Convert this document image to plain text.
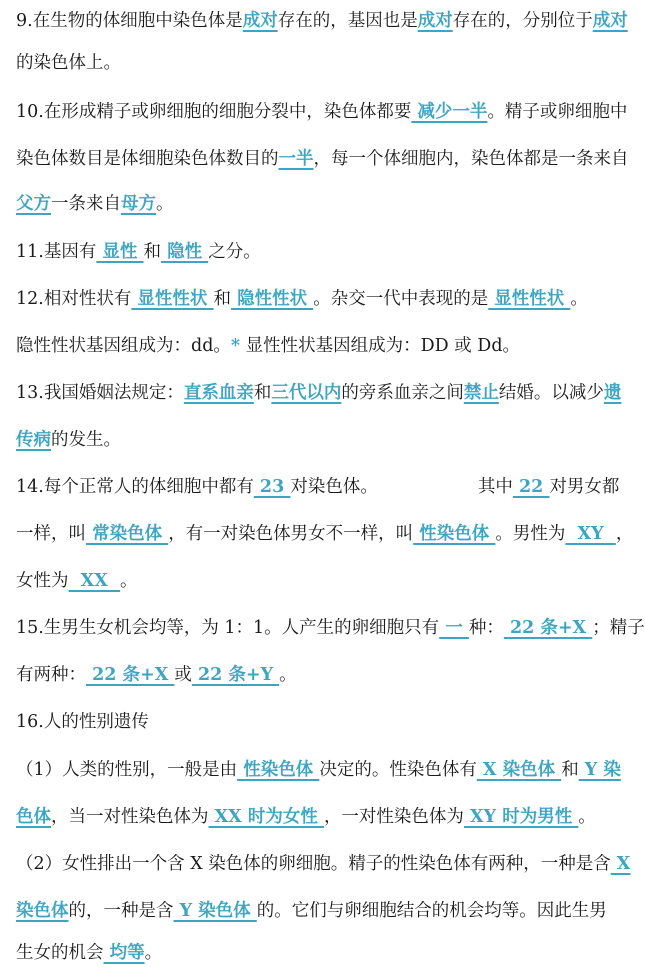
9.在生物的体细胞中染色体是成对存在的，基因也是成对存在的，分别位于成对
的染色体上。
10.在形成精子或卵细胞的细胞分裂中，染色体都要 减少一半。精子或卵细胞中
染色体数目是体细胞染色体数目的一半，每一个体细胞内，染色体都是一条来自
父方一条来自母方。
11.基因有 显性 和 隐性 之分。
12.相对性状有 显性性状 和 隐性性状 。杂交一代中表现的是 显性性状 。
隐性性状基因组成为：dd。* 显性性状基因组成为：DD 或 Dd。
13.我国婚姻法规定：直系血亲和三代以内的旁系血亲之间禁止结婚。以减少遗
传病的发生。
14.每个正常人的体细胞中都有 23 对染色体。	其中 22 对男女都
一样，叫 常染色体 ，有一对染色体男女不一样，叫 性染色体 。男性为  XY  ，
女性为  XX  。
15.生男生女机会均等，为 1：1。人产生的卵细胞只有 一 种： 22 条+X ；精子
有两种： 22 条+X 或 22 条+Y 。
16.人的性别遗传
（1）人类的性别，一般是由 性染色体 决定的。性染色体有 X 染色体 和 Y 染
色体，当一对性染色体为 XX 时为女性 ，一对性染色体为 XY 时为男性 。
（2）女性排出一个含 X 染色体的卵细胞。精子的性染色体有两种，一种是含 X
染色体的，一种是含 Y 染色体 的。它们与卵细胞结合的机会均等。因此生男
生女的机会 均等。
